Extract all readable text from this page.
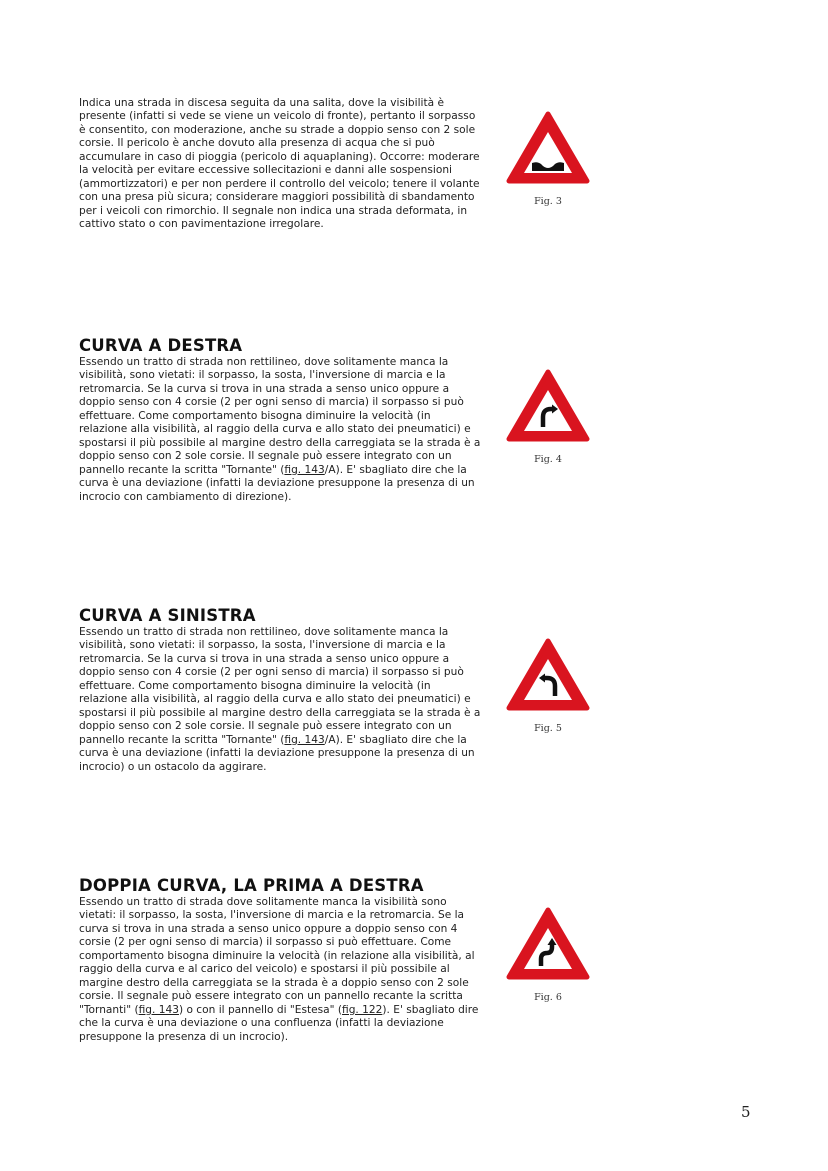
Indica una strada in discesa seguita da una salita, dove la visibilità è presente (infatti si vede se viene un veicolo di fronte), pertanto il sorpasso è consentito, con moderazione, anche su strade a doppio senso con 2 sole corsie. Il pericolo è anche dovuto alla presenza di acqua che si può accumulare in caso di pioggia (pericolo di aquaplaning). Occorre: moderare la velocità per evitare eccessive sollecitazioni e danni alle sospensioni (ammortizzatori) e per non perdere il controllo del veicolo; tenere il volante con una presa più sicura; considerare maggiori possibilità di sbandamento per i veicoli con rimorchio. Il segnale non indica una strada deformata, in cattivo stato o con pavimentazione irregolare.

CURVA A DESTRA

Essendo un tratto di strada non rettilineo, dove solitamente manca la visibilità, sono vietati: il sorpasso, la sosta, l'inversione di marcia e la retromarcia. Se la curva si trova in una strada a senso unico oppure a doppio senso con 4 corsie (2 per ogni senso di marcia) il sorpasso si può effettuare. Come comportamento bisogna diminuire la velocità (in relazione alla visibilità, al raggio della curva e allo stato dei pneumatici) e spostarsi il più possibile al margine destro della carreggiata se la strada è a doppio senso con 2 sole corsie. Il segnale può essere integrato con un pannello recante la scritta "Tornante" (fig. 143/A). E' sbagliato dire che la curva è una deviazione (infatti la deviazione presuppone la presenza di un incrocio con cambiamento di direzione).

CURVA A SINISTRA

Essendo un tratto di strada non rettilineo, dove solitamente manca la visibilità, sono vietati: il sorpasso, la sosta, l'inversione di marcia e la retromarcia. Se la curva si trova in una strada a senso unico oppure a doppio senso con 4 corsie (2 per ogni senso di marcia) il sorpasso si può effettuare. Come comportamento bisogna diminuire la velocità (in relazione alla visibilità, al raggio della curva e allo stato dei pneumatici) e spostarsi il più possibile al margine destro della carreggiata se la strada è a doppio senso con 2 sole corsie. Il segnale può essere integrato con un pannello recante la scritta "Tornante" (fig. 143/A). E' sbagliato dire che la curva è una deviazione (infatti la deviazione presuppone la presenza di un incrocio) o un ostacolo da aggirare.

DOPPIA CURVA, LA PRIMA A DESTRA

Essendo un tratto di strada dove solitamente manca la visibilità sono vietati: il sorpasso, la sosta, l'inversione di marcia e la retromarcia. Se la curva si trova in una strada a senso unico oppure a doppio senso con 4 corsie (2 per ogni senso di marcia) il sorpasso si può effettuare. Come comportamento bisogna diminuire la velocità (in relazione alla visibilità, al raggio della curva e al carico del veicolo) e spostarsi il più possibile al margine destro della carreggiata se la strada è a doppio senso con 2 sole corsie. Il segnale può essere integrato con un pannello recante la scritta "Tornanti" (fig. 143) o con il pannello di "Estesa" (fig. 122). E' sbagliato dire che la curva è una deviazione o una confluenza (infatti la deviazione presuppone la presenza di un incrocio).

Fig. 3
Fig. 4
Fig. 5
Fig. 6
5
